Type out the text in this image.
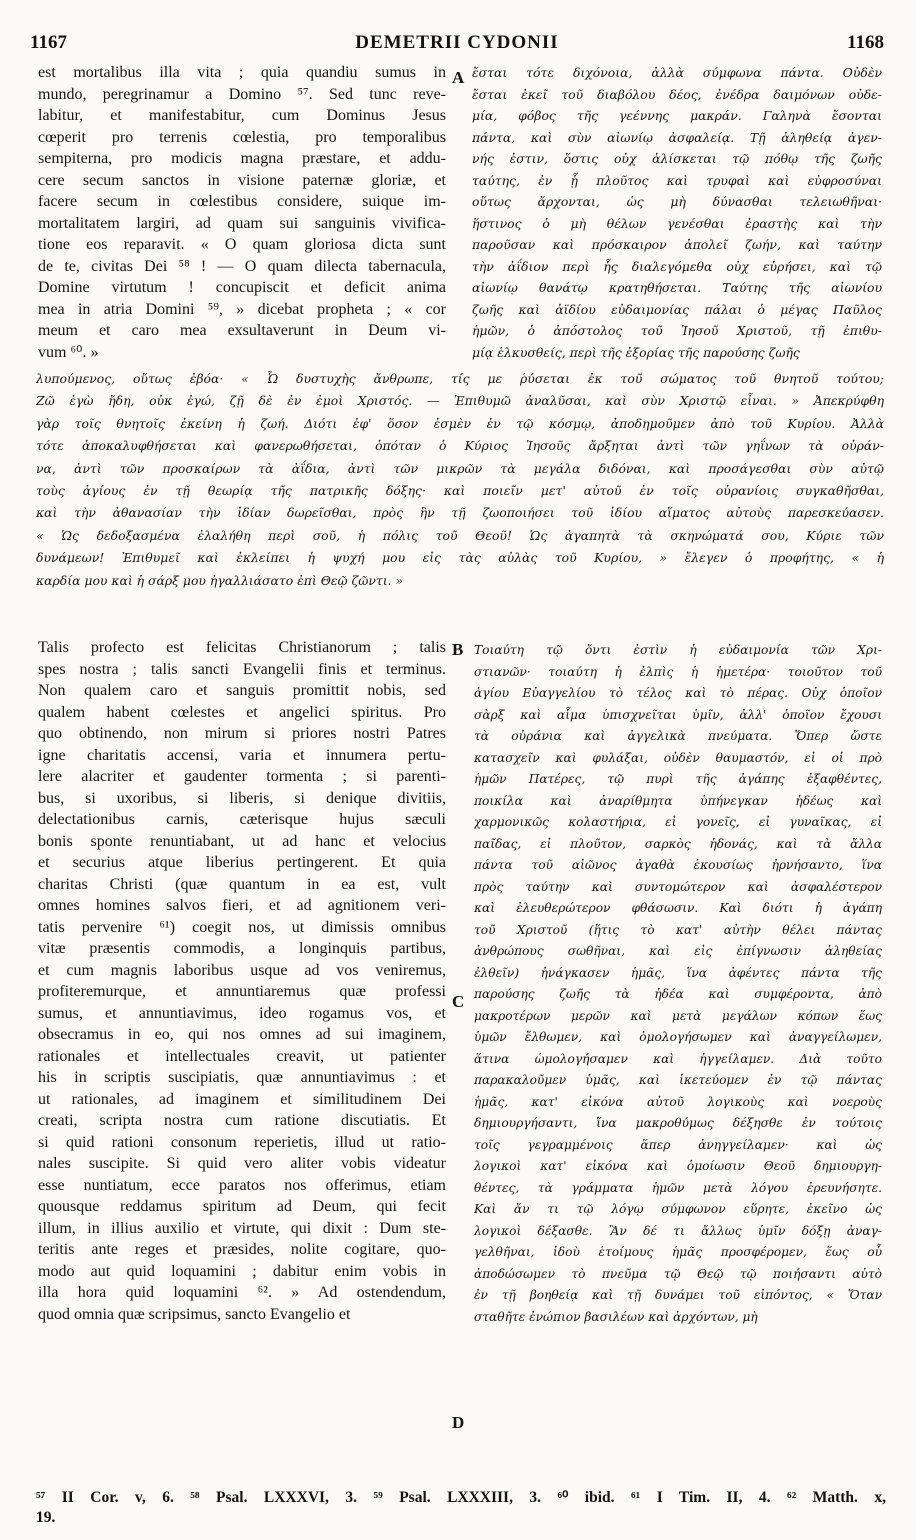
1167	DEMETRII CYDONII	1168
est mortalibus illa vita ; quia quandiu sumus in
mundo, peregrinamur a Domino ⁵⁷. Sed tunc reve-
labitur, et manifestabitur, cum Dominus Jesus
cœperit pro terrenis cœlestia, pro temporalibus
sempiterna, pro modicis magna præstare, et addu-
cere secum sanctos in visione paternæ gloriæ, et
facere secum in cœlestibus considere, suique im-
mortalitatem largiri, ad quam sui sanguinis vivifica-
tione eos reparavit. « O quam gloriosa dicta sunt
de te, civitas Dei ⁵⁸ ! — O quam dilecta tabernacula,
Domine virtutum ! concupiscit et deficit anima
mea in atria Domini ⁵⁹, » dicebat propheta ; « cor
meum et caro mea exsultaverunt in Deum vi-
vum ⁶⁰. »
ἔσται τότε διχόνοια, ἀλλὰ σύμφωνα πάντα. Οὐδὲν
ἔσται ἐκεῖ τοῦ διαβόλου δέος, ἐνέδρα δαιμόνων οὐδε-
μία, φόβος τῆς γεέννης μακράν. Γαληνὰ ἔσονται
πάντα, καὶ σὺν αἰωνίῳ ἀσφαλείᾳ. Τῇ ἀληθείᾳ ἀγεν-
νής ἐστιν, ὅστις οὐχ ἁλίσκεται τῷ πόθῳ τῆς ζωῆς
ταύτης, ἐν ᾗ πλοῦτος καὶ τρυφαὶ καὶ εὐφροσύναι
οὕτως ἄρχονται, ὡς μὴ δύνασθαι τελειωθῆναι·
ἥστινος ὁ μὴ θέλων γενέσθαι ἐραστὴς καὶ τὴν
παροῦσαν καὶ πρόσκαιρον ἀπολεῖ ζωήν, καὶ ταύτην
τὴν ἀΐδιον περὶ ἧς διαλεγόμεθα οὐχ εὑρήσει, καὶ τῷ
αἰωνίῳ θανάτῳ κρατηθήσεται. Ταύτης τῆς αἰωνίου
ζωῆς καὶ ἀϊδίου εὐδαιμονίας πάλαι ὁ μέγας Παῦλος
ἡμῶν, ὁ ἀπόστολος τοῦ Ἰησοῦ Χριστοῦ, τῇ ἐπιθυ-
μίᾳ ἑλκυσθείς, περὶ τῆς ἐξορίας τῆς παρούσης ζωῆς
λυπούμενος, οὕτως ἐβόα· « Ὦ δυστυχὴς ἄνθρωπε, τίς με ῥύσεται ἐκ τοῦ σώματος τοῦ θνητοῦ τούτου;
Ζῶ ἐγὼ ἤδη, οὐκ ἐγώ, ζῇ δὲ ἐν ἐμοὶ Χριστός. — Ἐπιθυμῶ ἀναλῦσαι, καὶ σὺν Χριστῷ εἶναι. » Ἀπεκρύφθη
γὰρ τοῖς θνητοῖς ἐκείνη ἡ ζωή. Διότι ἐφ' ὅσον ἐσμὲν ἐν τῷ κόσμῳ, ἀποδημοῦμεν ἀπὸ τοῦ Κυρίου. Ἀλλὰ
τότε ἀποκαλυφθήσεται καὶ φανερωθήσεται, ὁπόταν ὁ Κύριος Ἰησοῦς ἄρξηται ἀντὶ τῶν γηΐνων τὰ οὐράν-
να, ἀντὶ τῶν προσκαίρων τὰ ἀΐδια, ἀντὶ τῶν μικρῶν τὰ μεγάλα διδόναι, καὶ προσάγεσθαι σὺν αὐτῷ
τοὺς ἁγίους ἐν τῇ θεωρίᾳ τῆς πατρικῆς δόξης· καὶ ποιεῖν μετ' αὐτοῦ ἐν τοῖς οὐρανίοις συγκαθῆσθαι,
καὶ τὴν ἀθανασίαν τὴν ἰδίαν δωρεῖσθαι, πρὸς ἣν τῇ ζωοποιήσει τοῦ ἰδίου αἵματος αὐτοὺς παρεσκεύασεν.
« Ὡς δεδοξασμένα ἐλαλήθη περὶ σοῦ, ἡ πόλις τοῦ Θεοῦ! Ὡς ἀγαπητὰ τὰ σκηνώματά σου, Κύριε τῶν
δυνάμεων! Ἐπιθυμεῖ καὶ ἐκλείπει ἡ ψυχή μου εἰς τὰς αὐλὰς τοῦ Κυρίου, » ἔλεγεν ὁ προφήτης, « ἡ
καρδία μου καὶ ἡ σάρξ μου ἠγαλλιάσατο ἐπὶ Θεῷ ζῶντι. »
Talis profecto est felicitas Christianorum ; talis
spes nostra ; talis sancti Evangelii finis et terminus.
Non qualem caro et sanguis promittit nobis, sed
qualem habent cœlestes et angelici spiritus. Pro
quo obtinendo, non mirum si priores nostri Patres
igne charitatis accensi, varia et innumera pertu-
lere alacriter et gaudenter tormenta ; si parenti-
bus, si uxoribus, si liberis, si denique divitiis,
delectationibus carnis, cæterisque hujus sæculi
bonis sponte renuntiabant, ut ad hanc et velocius
et securius atque liberius pertingerent. Et quia
charitas Christi (quæ quantum in ea est, vult
omnes homines salvos fieri, et ad agnitionem veri-
tatis pervenire ⁶¹) coegit nos, ut dimissis omnibus
vitæ præsentis commodis, a longinquis partibus,
et cum magnis laboribus usque ad vos veniremus,
profiteremurque, et annuntiaremus quæ professi
sumus, et annuntiavimus, ideo rogamus vos, et
obsecramus in eo, qui nos omnes ad sui imaginem,
rationales et intellectuales creavit, ut patienter
his in scriptis suscipiatis, quæ annuntiavimus : et
ut rationales, ad imaginem et similitudinem Dei
creati, scripta nostra cum ratione discutiatis. Et
si quid rationi consonum reperietis, illud ut ratio-
nales suscipite. Si quid vero aliter vobis videatur
esse nuntiatum, ecce paratos nos offerimus, etiam
quousque reddamus spiritum ad Deum, qui fecit
illum, in illius auxilio et virtute, qui dixit : Dum ste-
teritis ante reges et præsides, nolite cogitare, quo-
modo aut quid loquamini ; dabitur enim vobis in
illa hora quid loquamini ⁶². » Ad ostendendum,
quod omnia quæ scripsimus, sancto Evangelio et
Τοιαύτη τῷ ὄντι ἐστὶν ἡ εὐδαιμονία τῶν Χρι-
στιανῶν· τοιαύτη ἡ ἐλπὶς ἡ ἡμετέρα· τοιοῦτον τοῦ
ἁγίου Εὐαγγελίου τὸ τέλος καὶ τὸ πέρας. Οὐχ ὁποῖον
σὰρξ καὶ αἷμα ὑπισχνεῖται ὑμῖν, ἀλλ' ὁποῖον ἔχουσι
τὰ οὐράνια καὶ ἀγγελικὰ πνεύματα. Ὅπερ ὥστε
κατασχεῖν καὶ φυλάξαι, οὐδὲν θαυμαστόν, εἰ οἱ πρὸ
ἡμῶν Πατέρες, τῷ πυρὶ τῆς ἀγάπης ἐξαφθέντες,
ποικίλα καὶ ἀναρίθμητα ὑπήνεγκαν ἡδέως καὶ
χαρμονικῶς κολαστήρια, εἰ γονεῖς, εἰ γυναῖκας, εἰ
παῖδας, εἰ πλοῦτον, σαρκὸς ἡδονάς, καὶ τὰ ἄλλα
πάντα τοῦ αἰῶνος ἀγαθὰ ἑκουσίως ἠρνήσαντο, ἵνα
πρὸς ταύτην καὶ συντομώτερον καὶ ἀσφαλέστερον
καὶ ἐλευθερώτερον φθάσωσιν. Καὶ διότι ἡ ἀγάπη
τοῦ Χριστοῦ (ἥτις τὸ κατ' αὐτὴν θέλει πάντας
ἀνθρώπους σωθῆναι, καὶ εἰς ἐπίγνωσιν ἀληθείας
ἐλθεῖν) ἠνάγκασεν ἡμᾶς, ἵνα ἀφέντες πάντα τῆς
παρούσης ζωῆς τὰ ἡδέα καὶ συμφέροντα, ἀπὸ
μακροτέρων μερῶν καὶ μετὰ μεγάλων κόπων ἕως
ὑμῶν ἔλθωμεν, καὶ ὁμολογήσωμεν καὶ ἀναγγείλωμεν,
ἅτινα ὡμολογήσαμεν καὶ ἠγγείλαμεν. Διὰ τοῦτο
παρακαλοῦμεν ὑμᾶς, καὶ ἱκετεύομεν ἐν τῷ πάντας
ἡμᾶς, κατ' εἰκόνα αὐτοῦ λογικοὺς καὶ νοεροὺς
δημιουργήσαντι, ἵνα μακροθύμως δέξησθε ἐν τούτοις
τοῖς γεγραμμένοις ἅπερ ἀνηγγείλαμεν· καὶ ὡς
λογικοὶ κατ' εἰκόνα καὶ ὁμοίωσιν Θεοῦ δημιουργη-
θέντες, τὰ γράμματα ἡμῶν μετὰ λόγου ἐρευνήσητε.
Καὶ ἄν τι τῷ λόγῳ σύμφωνον εὕρητε, ἐκεῖνο ὡς
λογικοὶ δέξασθε. Ἂν δέ τι ἄλλως ὑμῖν δόξῃ ἀναγ-
γελθῆναι, ἰδοὺ ἑτοίμους ἡμᾶς προσφέρομεν, ἕως οὗ
ἀποδώσωμεν τὸ πνεῦμα τῷ Θεῷ τῷ ποιήσαντι αὐτὸ
ἐν τῇ βοηθείᾳ καὶ τῇ δυνάμει τοῦ εἰπόντος, « Ὅταν
σταθῆτε ἐνώπιον βασιλέων καὶ ἀρχόντων, μὴ
A
B
C
D
⁵⁷ II Cor. v, 6. ⁵⁸ Psal. LXXXVI, 3. ⁵⁹ Psal. LXXXIII, 3. ⁶⁰ ibid. ⁶¹ I Tim. II, 4. ⁶² Matth. x,
19.
